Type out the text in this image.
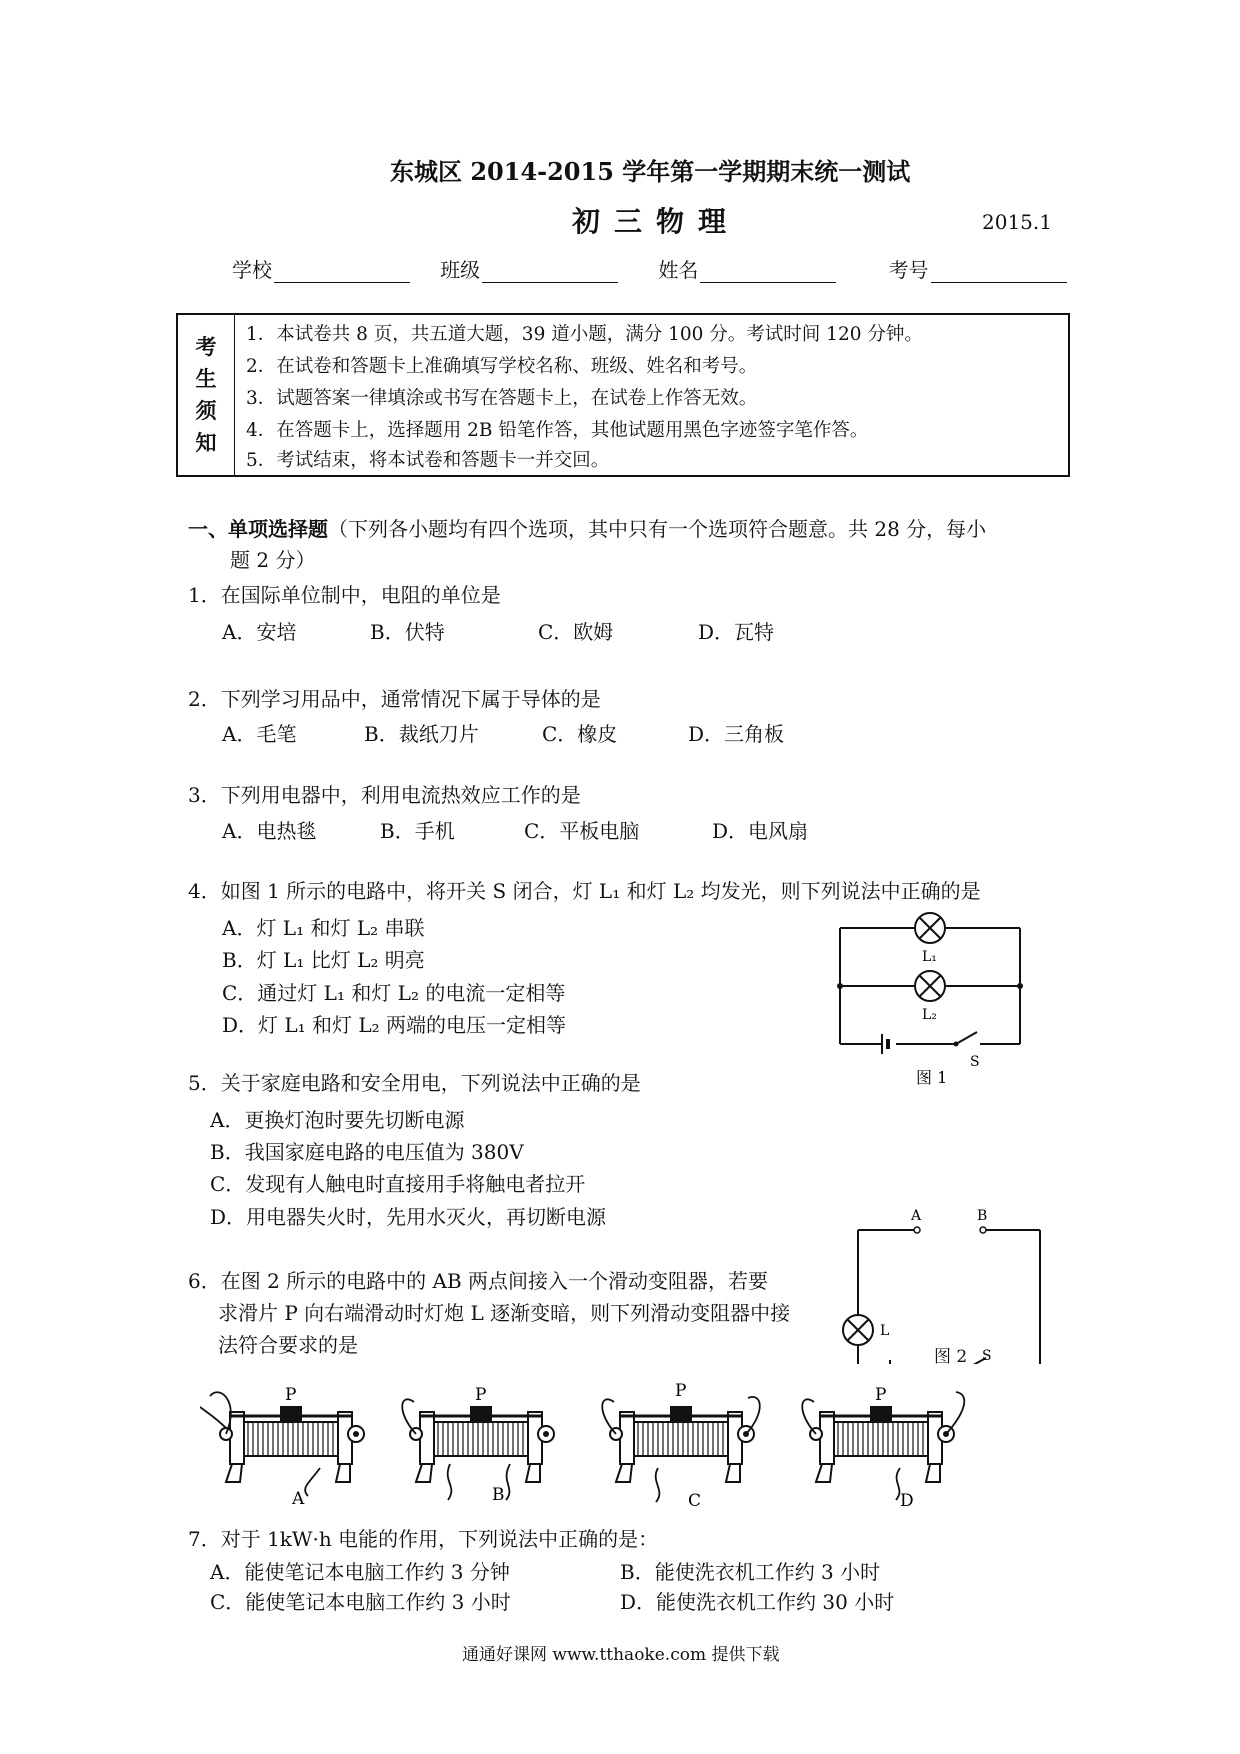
东城区 2014-2015 学年第一学期期末统一测试
初三物理	2015.1
学校	班级	姓名	考号
考
生
须
知
1．本试卷共 8 页，共五道大题，39 道小题，满分 100 分。考试时间 120 分钟。
2．在试卷和答题卡上准确填写学校名称、班级、姓名和考号。
3．试题答案一律填涂或书写在答题卡上，在试卷上作答无效。
4．在答题卡上，选择题用 2B 铅笔作答，其他试题用黑色字迹签字笔作答。
5．考试结束，将本试卷和答题卡一并交回。
一、单项选择题（下列各小题均有四个选项，其中只有一个选项符合题意。共 28 分，每小
题 2 分）
1．在国际单位制中，电阻的单位是
A．安培	B．伏特	C．欧姆	D．瓦特
2．下列学习用品中，通常情况下属于导体的是
A．毛笔	B．裁纸刀片	C．橡皮	D．三角板
3．下列用电器中，利用电流热效应工作的是
A．电热毯	B．手机	C．平板电脑	D．电风扇
4．如图 1 所示的电路中，将开关 S 闭合，灯 L₁ 和灯 L₂ 均发光，则下列说法中正确的是
A．灯 L₁ 和灯 L₂ 串联
B．灯 L₁ 比灯 L₂ 明亮
C．通过灯 L₁ 和灯 L₂ 的电流一定相等
D．灯 L₁ 和灯 L₂ 两端的电压一定相等
L₁
L₂
S
图 1
5．关于家庭电路和安全用电，下列说法中正确的是
A．更换灯泡时要先切断电源
B．我国家庭电路的电压值为 380V
C．发现有人触电时直接用手将触电者拉开
D．用电器失火时，先用水灭火，再切断电源	A	B
L
S
图 2
6．在图 2 所示的电路中的 AB 两点间接入一个滑动变阻器，若要
求滑片 P 向右端滑动时灯炮 L 逐渐变暗，则下列滑动变阻器中接
法符合要求的是
P	P	P	P
A	B	C	D
7．对于 1kW·h 电能的作用，下列说法中正确的是：
A．能使笔记本电脑工作约 3 分钟	B．能使洗衣机工作约 3 小时
C．能使笔记本电脑工作约 3 小时	D．能使洗衣机工作约 30 小时
通通好课网 www.tthaoke.com 提供下载
